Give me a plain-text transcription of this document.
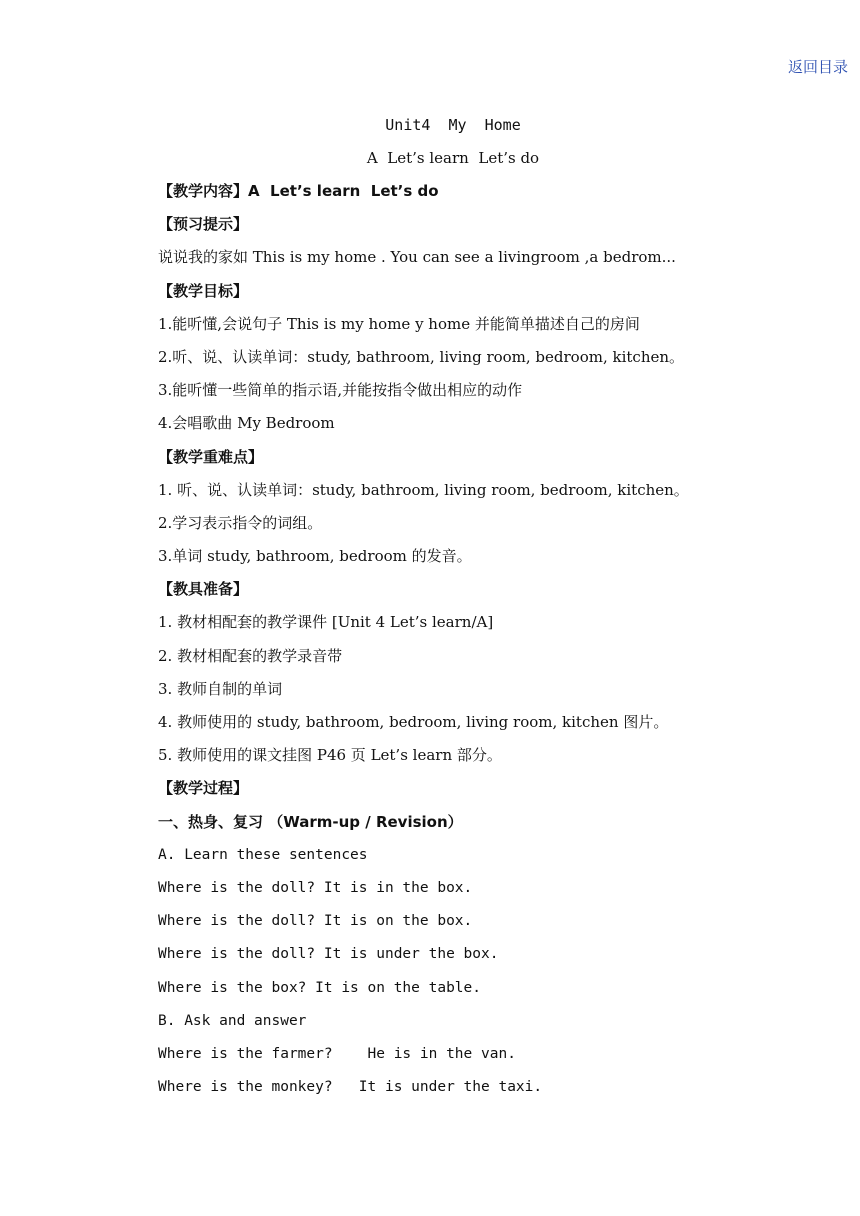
返回目录
Unit4  My  Home
A  Let’s learn  Let’s do
【教学内容】A  Let’s learn  Let’s do
【预习提示】
说说我的家如 This is my home . You can see a livingroom ,a bedrom...
【教学目标】
1.能听懂,会说句子 This is my home y home 并能简单描述自己的房间
2.听、说、认读单词：study, bathroom, living room, bedroom, kitchen。
3.能听懂一些简单的指示语,并能按指令做出相应的动作
4.会唱歌曲 My Bedroom
【教学重难点】
1. 听、说、认读单词：study, bathroom, living room, bedroom, kitchen。
2.学习表示指令的词组。
3.单词 study, bathroom, bedroom 的发音。
【教具准备】
1. 教材相配套的教学课件 [Unit 4 Let’s learn/A]
2. 教材相配套的教学录音带
3. 教师自制的单词
4. 教师使用的 study, bathroom, bedroom, living room, kitchen 图片。
5. 教师使用的课文挂图 P46 页 Let’s learn 部分。
【教学过程】
一、热身、复习 （Warm-up / Revision）
A. Learn these sentences
Where is the doll? It is in the box.
Where is the doll? It is on the box.
Where is the doll? It is under the box.
Where is the box? It is on the table.
B. Ask and answer
Where is the farmer?    He is in the van.
Where is the monkey?   It is under the taxi.
